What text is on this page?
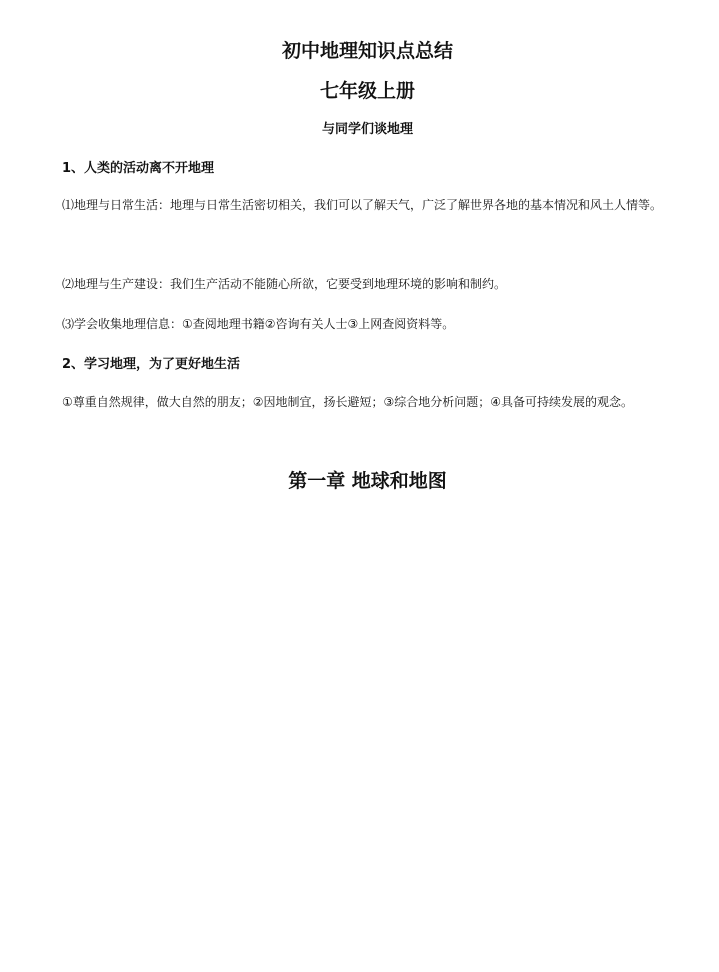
初中地理知识点总结
七年级上册
与同学们谈地理
1、人类的活动离不开地理
⑴地理与日常生活：地理与日常生活密切相关，我们可以了解天气，广泛了解世界各地的基本情况和风土人情等。
⑵地理与生产建设：我们生产活动不能随心所欲，它要受到地理环境的影响和制约。
⑶学会收集地理信息：①查阅地理书籍②咨询有关人士③上网查阅资料等。
2、学习地理，为了更好地生活
①尊重自然规律，做大自然的朋友；②因地制宜，扬长避短；③综合地分析问题；④具备可持续发展的观念。
第一章 地球和地图
